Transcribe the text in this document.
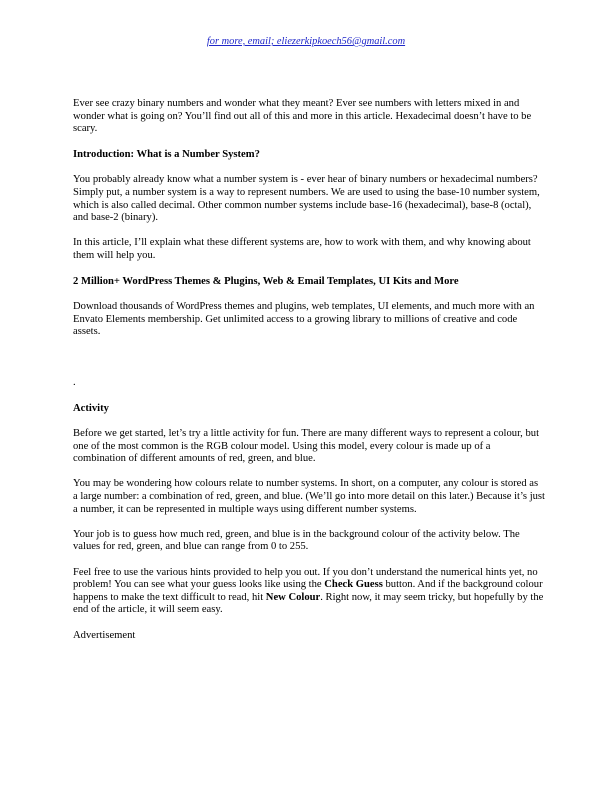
for more, email; eliezerkipkoech56@gmail.com

Ever see crazy binary numbers and wonder what they meant? Ever see numbers with letters mixed in and wonder what is going on? You’ll find out all of this and more in this article. Hexadecimal doesn’t have to be scary.

Introduction: What is a Number System?

You probably already know what a number system is - ever hear of binary numbers or hexadecimal numbers? Simply put, a number system is a way to represent numbers. We are used to using the base-10 number system, which is also called decimal. Other common number systems include base-16 (hexadecimal), base-8 (octal), and base-2 (binary).

In this article, I’ll explain what these different systems are, how to work with them, and why knowing about them will help you.

2 Million+ WordPress Themes & Plugins, Web & Email Templates, UI Kits and More

Download thousands of WordPress themes and plugins, web templates, UI elements, and much more with an Envato Elements membership. Get unlimited access to a growing library to millions of creative and code assets.

.

Activity

Before we get started, let’s try a little activity for fun. There are many different ways to represent a colour, but one of the most common is the RGB colour model. Using this model, every colour is made up of a combination of different amounts of red, green, and blue.

You may be wondering how colours relate to number systems. In short, on a computer, any colour is stored as a large number: a combination of red, green, and blue. (We’ll go into more detail on this later.) Because it’s just a number, it can be represented in multiple ways using different number systems.

Your job is to guess how much red, green, and blue is in the background colour of the activity below. The values for red, green, and blue can range from 0 to 255.

Feel free to use the various hints provided to help you out. If you don’t understand the numerical hints yet, no problem! You can see what your guess looks like using the Check Guess button. And if the background colour happens to make the text difficult to read, hit New Colour. Right now, it may seem tricky, but hopefully by the end of the article, it will seem easy.

Advertisement
